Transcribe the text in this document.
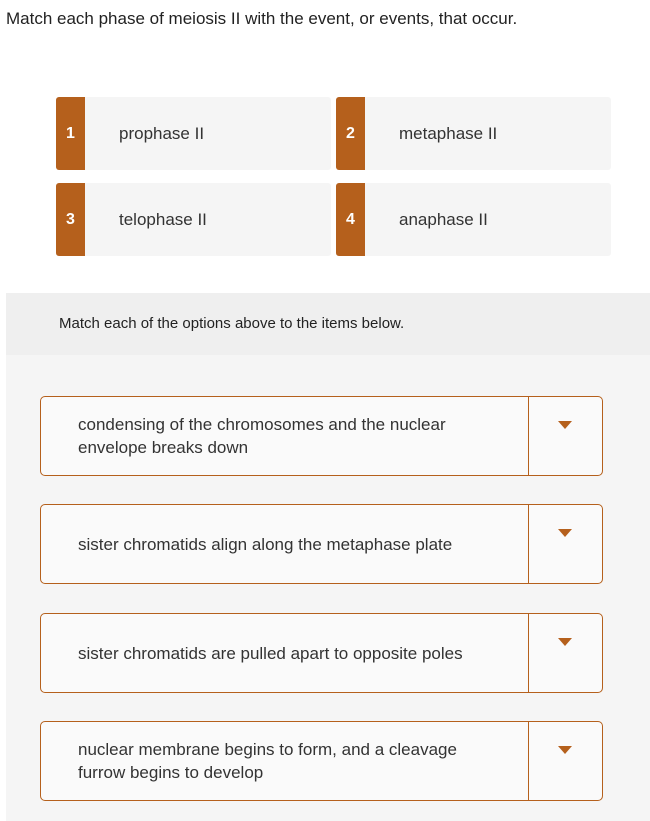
Match each phase of meiosis II with the event, or events, that occur.
1	prophase II	2	metaphase II
3	telophase II	4	anaphase II
Match each of the options above to the items below.
condensing of the chromosomes and the nuclear envelope breaks down
sister chromatids align along the metaphase plate
sister chromatids are pulled apart to opposite poles
nuclear membrane begins to form, and a cleavage furrow begins to develop
